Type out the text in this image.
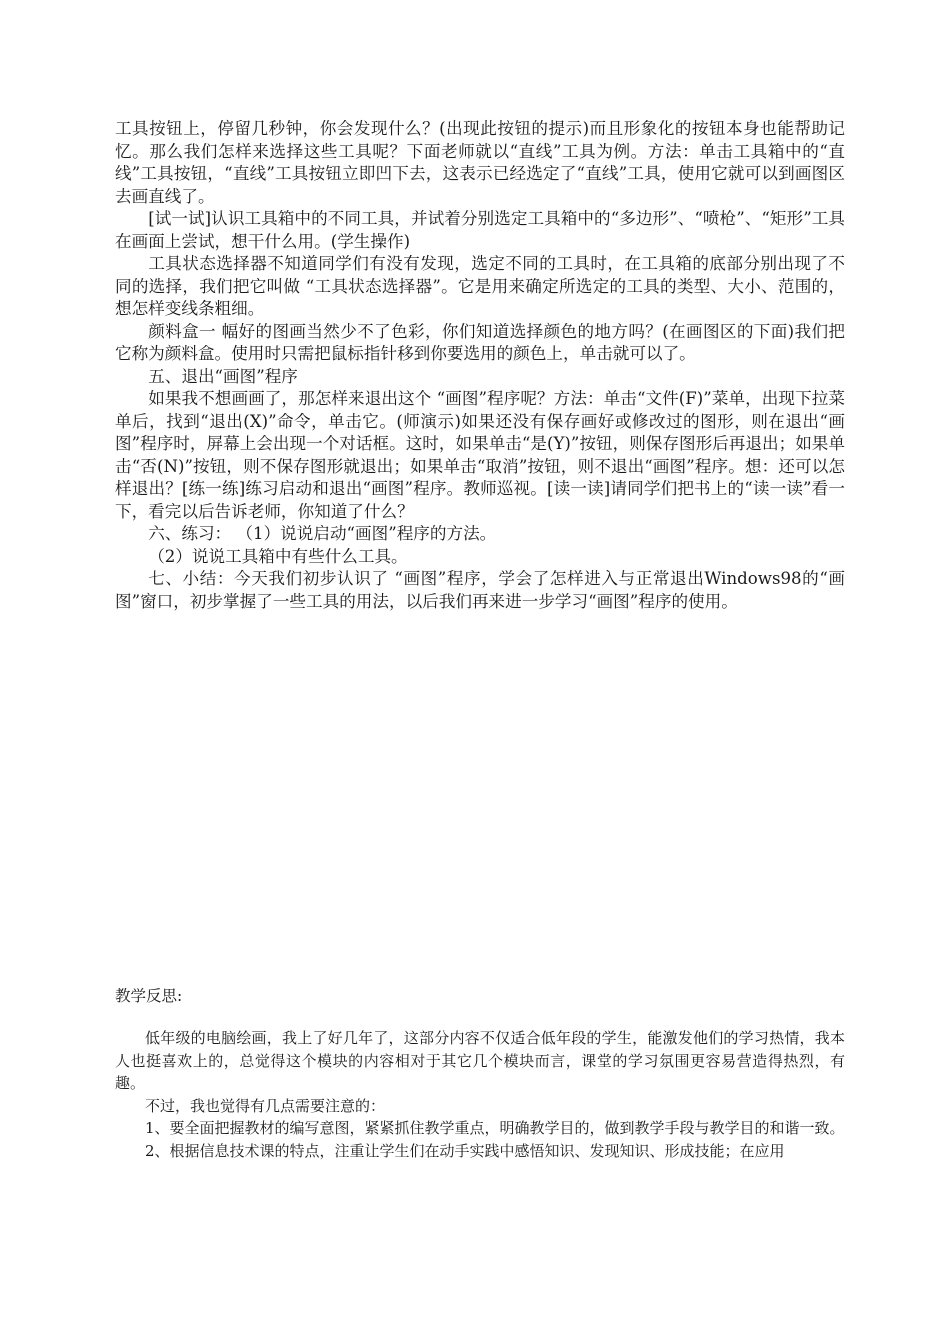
工具按钮上，停留几秒钟，你会发现什么？(出现此按钮的提示)而且形象化的按钮本身也能帮助记忆。那么我们怎样来选择这些工具呢？下面老师就以“直线”工具为例。方法：单击工具箱中的“直线”工具按钮，“直线”工具按钮立即凹下去，这表示已经选定了“直线”工具，使用它就可以到画图区去画直线了。

[试一试]认识工具箱中的不同工具，并试着分别选定工具箱中的“多边形”、“喷枪”、“矩形”工具在画面上尝试，想干什么用。(学生操作)

工具状态选择器不知道同学们有没有发现，选定不同的工具时，在工具箱的底部分别出现了不同的选择，我们把它叫做 “工具状态选择器”。它是用来确定所选定的工具的类型、大小、范围的，想怎样变线条粗细。

颜料盒一 幅好的图画当然少不了色彩，你们知道选择颜色的地方吗？(在画图区的下面)我们把它称为颜料盒。使用时只需把鼠标指针移到你要选用的颜色上，单击就可以了。

五、退出“画图”程序

如果我不想画画了，那怎样来退出这个 “画图”程序呢？方法：单击“文件(F)”菜单，出现下拉菜单后，找到“退出(X)”命令，单击它。(师演示)如果还没有保存画好或修改过的图形，则在退出“画图”程序时，屏幕上会出现一个对话框。这时，如果单击“是(Y)”按钮，则保存图形后再退出；如果单击“否(N)”按钮，则不保存图形就退出；如果单击“取消”按钮，则不退出“画图”程序。想：还可以怎样退出？[练一练]练习启动和退出“画图”程序。教师巡视。[读一读]请同学们把书上的“读一读”看一下，看完以后告诉老师，你知道了什么？

六、练习： （1）说说启动“画图”程序的方法。

（2）说说工具箱中有些什么工具。

七、小结：今天我们初步认识了 “画图”程序，学会了怎样进入与正常退出Windows98的“画图”窗口，初步掌握了一些工具的用法，以后我们再来进一步学习“画图”程序的使用。

教学反思:

低年级的电脑绘画，我上了好几年了，这部分内容不仅适合低年段的学生，能激发他们的学习热情，我本人也挺喜欢上的，总觉得这个模块的内容相对于其它几个模块而言，课堂的学习氛围更容易营造得热烈，有趣。

不过，我也觉得有几点需要注意的：

1、要全面把握教材的编写意图，紧紧抓住教学重点，明确教学目的，做到教学手段与教学目的和谐一致。

2、根据信息技术课的特点，注重让学生们在动手实践中感悟知识、发现知识、形成技能；在应用
